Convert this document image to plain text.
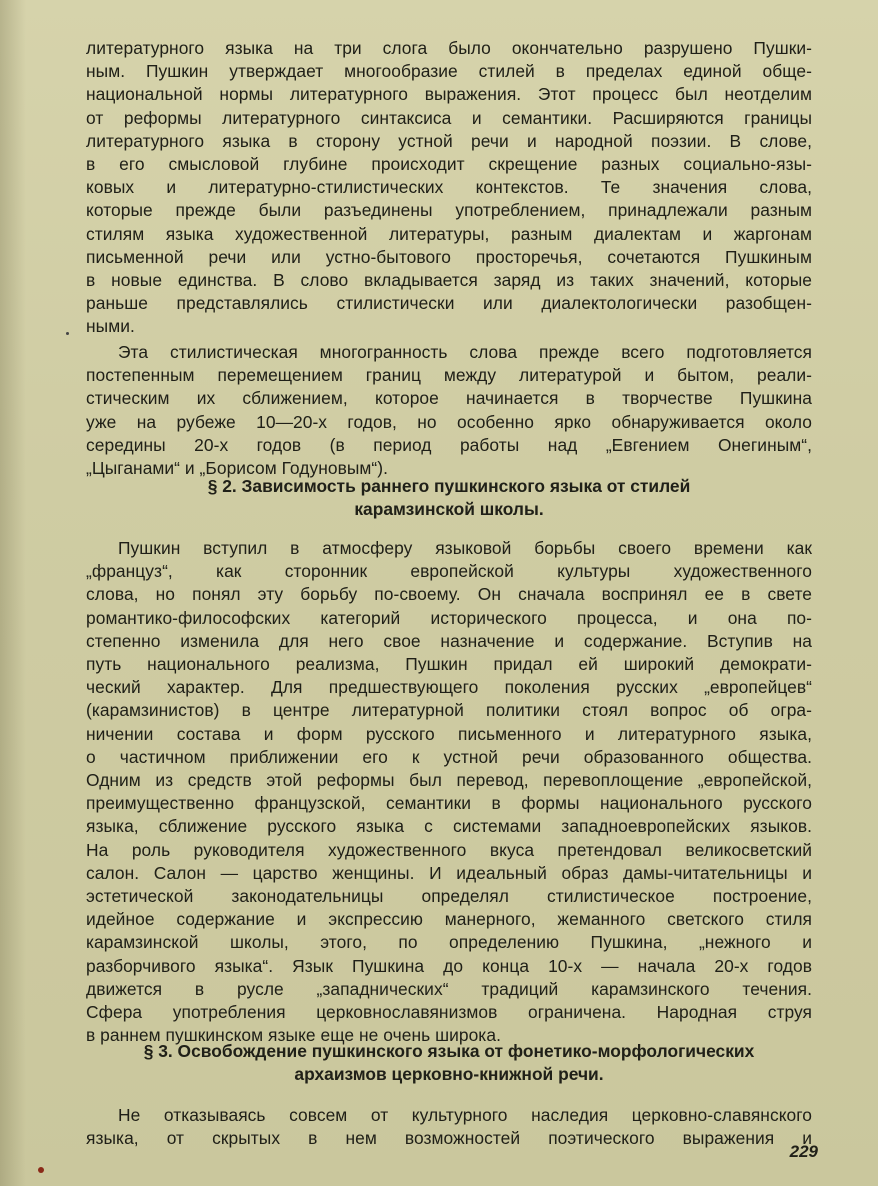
литературного языка на три слога было окончательно разрушено Пушки-
ным. Пушкин утверждает многообразие стилей в пределах единой обще-
национальной нормы литературного выражения. Этот процесс был неотделим
от реформы литературного синтаксиса и семантики. Расширяются границы
литературного языка в сторону устной речи и народной поэзии. В слове,
в его смысловой глубине происходит скрещение разных социально-язы-
ковых и литературно-стилистических контекстов. Те значения слова,
которые прежде были разъединены употреблением, принадлежали разным
стилям языка художественной литературы, разным диалектам и жаргонам
письменной речи или устно-бытового просторечья, сочетаются Пушкиным
в новые единства. В слово вкладывается заряд из таких значений, которые
раньше представлялись стилистически или диалектологически разобщен-
ными.
Эта стилистическая многогранность слова прежде всего подготовляется
постепенным перемещением границ между литературой и бытом, реали-
стическим их сближением, которое начинается в творчестве Пушкина
уже на рубеже 10—20-х годов, но особенно ярко обнаруживается около
середины 20-х годов (в период работы над „Евгением Онегиным“,
„Цыганами“ и „Борисом Годуновым“).
§ 2. Зависимость раннего пушкинского языка от стилей
карамзинской школы.
Пушкин вступил в атмосферу языковой борьбы своего времени как
„француз“, как сторонник европейской культуры художественного
слова, но понял эту борьбу по-своему. Он сначала воспринял ее в свете
романтико-философских категорий исторического процесса, и она по-
степенно изменила для него свое назначение и содержание. Вступив на
путь национального реализма, Пушкин придал ей широкий демократи-
ческий характер. Для предшествующего поколения русских „европейцев“
(карамзинистов) в центре литературной политики стоял вопрос об огра-
ничении состава и форм русского письменного и литературного языка,
о частичном приближении его к устной речи образованного общества.
Одним из средств этой реформы был перевод, перевоплощение „европейской,
преимущественно французской, семантики в формы национального русского
языка, сближение русского языка с системами западноевропейских языков.
На роль руководителя художественного вкуса претендовал великосветский
салон. Салон — царство женщины. И идеальный образ дамы-читательницы и
эстетической законодательницы определял стилистическое построение,
идейное содержание и экспрессию манерного, жеманного светского стиля
карамзинской школы, этого, по определению Пушкина, „нежного и
разборчивого языка“. Язык Пушкина до конца 10-х — начала 20-х годов
движется в русле „западнических“ традиций карамзинского течения.
Сфера употребления церковнославянизмов ограничена. Народная струя
в раннем пушкинском языке еще не очень широка.
§ 3. Освобождение пушкинского языка от фонетико-морфологических
архаизмов церковно-книжной речи.
Не отказываясь совсем от культурного наследия церковно-славянского
языка, от скрытых в нем возможностей поэтического выражения и
229
